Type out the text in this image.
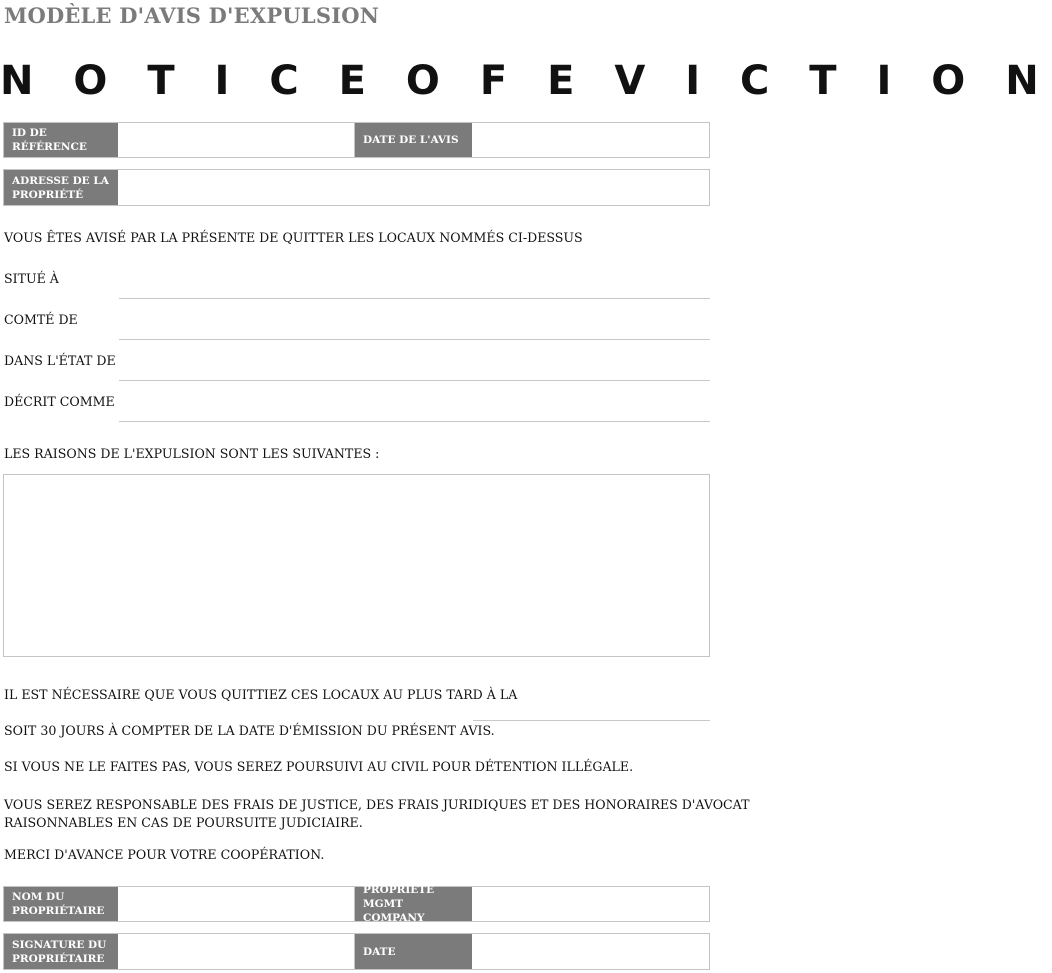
MODÈLE D'AVIS D'EXPULSION
N O T I C E O F E V I C T I O N
ID DE RÉFÉRENCE
DATE DE L'AVIS
ADRESSE DE LA PROPRIÉTÉ
VOUS ÊTES AVISÉ PAR LA PRÉSENTE DE QUITTER LES LOCAUX NOMMÉS CI-DESSUS
SITUÉ À
COMTÉ DE
DANS L'ÉTAT DE
DÉCRIT COMME
LES RAISONS DE L'EXPULSION SONT LES SUIVANTES :
IL EST NÉCESSAIRE QUE VOUS QUITTIEZ CES LOCAUX AU PLUS TARD À LA
SOIT 30 JOURS À COMPTER DE LA DATE D'ÉMISSION DU PRÉSENT AVIS.
SI VOUS NE LE FAITES PAS, VOUS SEREZ POURSUIVI AU CIVIL POUR DÉTENTION ILLÉGALE.
VOUS SEREZ RESPONSABLE DES FRAIS DE JUSTICE, DES FRAIS JURIDIQUES ET DES HONORAIRES D'AVOCAT
RAISONNABLES EN CAS DE POURSUITE JUDICIAIRE.
MERCI D'AVANCE POUR VOTRE COOPÉRATION.
NOM DU PROPRIÉTAIRE
PROPRIÉTÉ MGMT COMPANY
SIGNATURE DU PROPRIÉTAIRE
DATE
